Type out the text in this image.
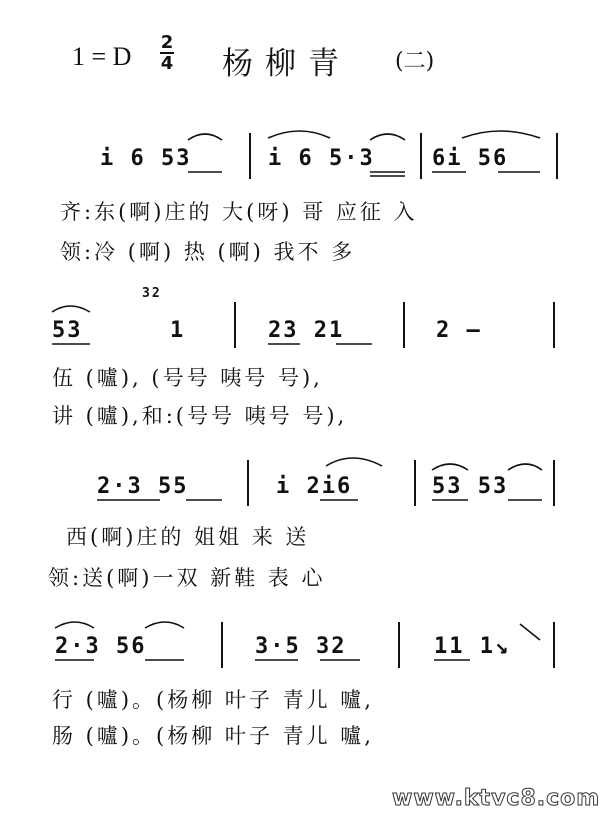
1 = D 2
4 杨柳青 (二)
i 6 53	i 6 5·3	6i 56
齐:东(啊)庄的 大(呀) 哥 应征 入
领:冷 (啊) 热 (啊) 我不 多
53
32
1	23 21	2 —
伍 (嚧), (号号 咦号 号),
讲 (嚧),和:(号号 咦号 号),
2·3 55	i 2i6	53 53
西(啊)庄的 姐姐 来 送
领:送(啊)一双 新鞋 表 心
2·3 56	3·5 32	11 1↘
行 (嚧)。(杨柳 叶子 青儿 嚧,
肠 (嚧)。(杨柳 叶子 青儿 嚧,
www.ktvc8.com
